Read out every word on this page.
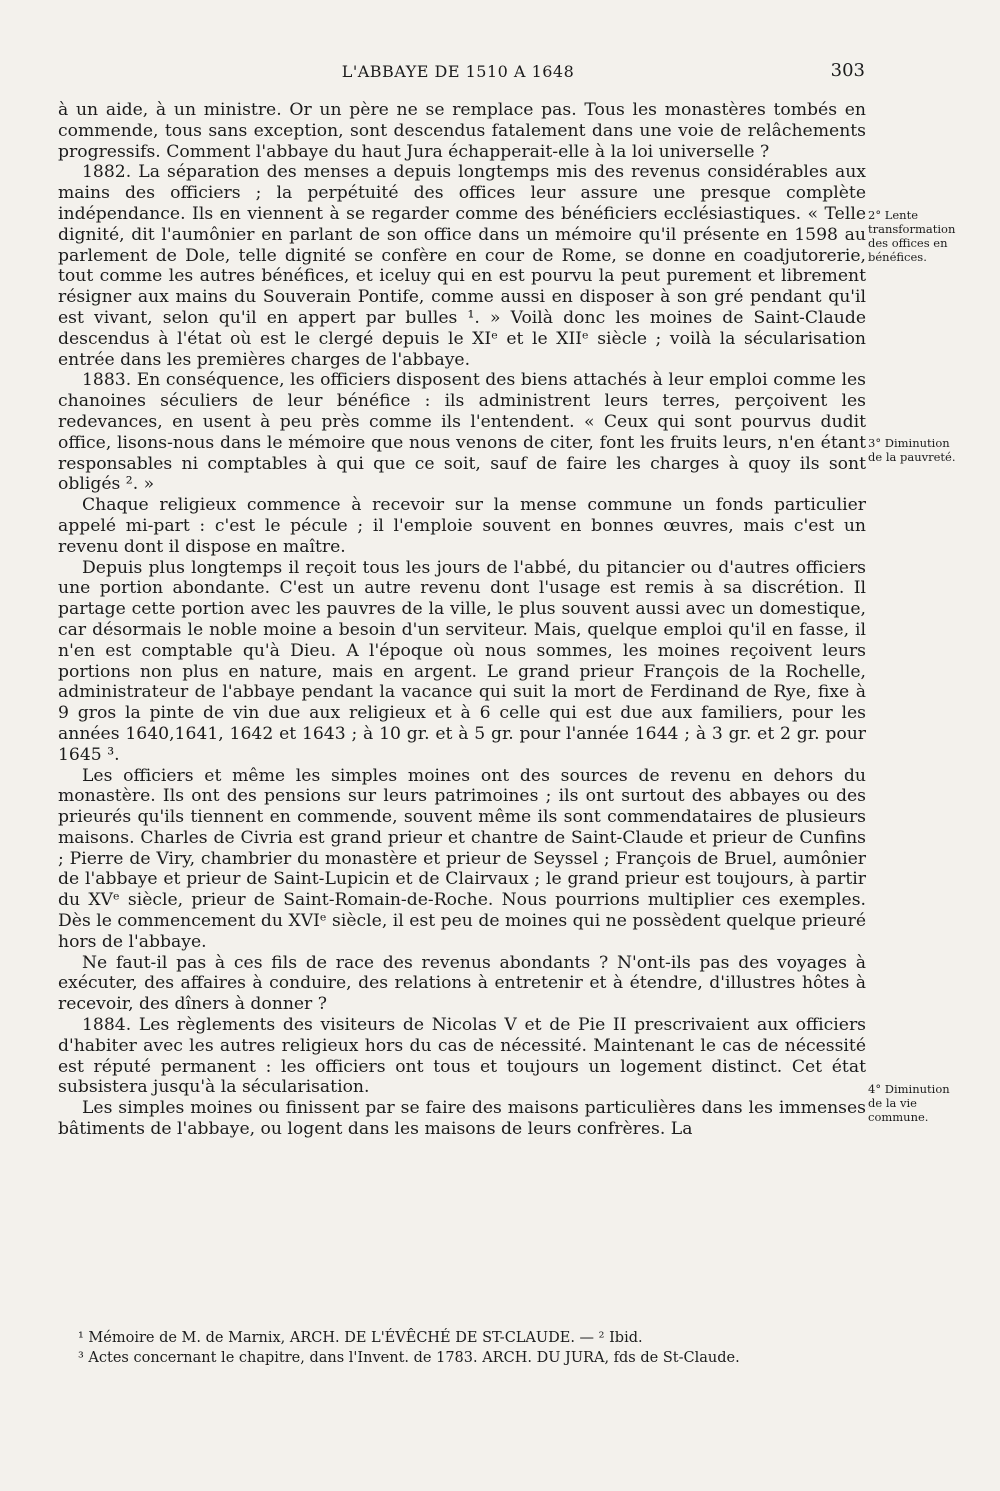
L'ABBAYE DE 1510 A 1648	303

à un aide, à un ministre. Or un père ne se remplace pas. Tous les monastères tombés en commende, tous sans exception, sont descendus fatalement dans une voie de relâchements progressifs. Comment l'abbaye du haut Jura échapperait-elle à la loi universelle ?

1882. La séparation des menses a depuis longtemps mis des revenus considérables aux mains des officiers ; la perpétuité des offices leur assure une presque complète indépendance. Ils en viennent à se regarder comme des bénéficiers ecclésiastiques. « Telle dignité, dit l'aumônier en parlant de son office dans un mémoire qu'il présente en 1598 au parlement de Dole, telle dignité se confère en cour de Rome, se donne en coadjutorerie, tout comme les autres bénéfices, et iceluy qui en est pourvu la peut purement et librement résigner aux mains du Souverain Pontife, comme aussi en disposer à son gré pendant qu'il est vivant, selon qu'il en appert par bulles ¹. » Voilà donc les moines de Saint-Claude descendus à l'état où est le clergé depuis le XIᵉ et le XIIᵉ siècle ; voilà la sécularisation entrée dans les premières charges de l'abbaye.

1883. En conséquence, les officiers disposent des biens attachés à leur emploi comme les chanoines séculiers de leur bénéfice : ils administrent leurs terres, perçoivent les redevances, en usent à peu près comme ils l'entendent. « Ceux qui sont pourvus dudit office, lisons-nous dans le mémoire que nous venons de citer, font les fruits leurs, n'en étant responsables ni comptables à qui que ce soit, sauf de faire les charges à quoy ils sont obligés ². »

Chaque religieux commence à recevoir sur la mense commune un fonds particulier appelé mi-part : c'est le pécule ; il l'emploie souvent en bonnes œuvres, mais c'est un revenu dont il dispose en maître.

Depuis plus longtemps il reçoit tous les jours de l'abbé, du pitancier ou d'autres officiers une portion abondante. C'est un autre revenu dont l'usage est remis à sa discrétion. Il partage cette portion avec les pauvres de la ville, le plus souvent aussi avec un domestique, car désormais le noble moine a besoin d'un serviteur. Mais, quelque emploi qu'il en fasse, il n'en est comptable qu'à Dieu. A l'époque où nous sommes, les moines reçoivent leurs portions non plus en nature, mais en argent. Le grand prieur François de la Rochelle, administrateur de l'abbaye pendant la vacance qui suit la mort de Ferdinand de Rye, fixe à 9 gros la pinte de vin due aux religieux et à 6 celle qui est due aux familiers, pour les années 1640,1641, 1642 et 1643 ; à 10 gr. et à 5 gr. pour l'année 1644 ; à 3 gr. et 2 gr. pour 1645 ³.

Les officiers et même les simples moines ont des sources de revenu en dehors du monastère. Ils ont des pensions sur leurs patrimoines ; ils ont surtout des abbayes ou des prieurés qu'ils tiennent en commende, souvent même ils sont commendataires de plusieurs maisons. Charles de Civria est grand prieur et chantre de Saint-Claude et prieur de Cunfins ; Pierre de Viry, chambrier du monastère et prieur de Seyssel ; François de Bruel, aumônier de l'abbaye et prieur de Saint-Lupicin et de Clairvaux ; le grand prieur est toujours, à partir du XVᵉ siècle, prieur de Saint-Romain-de-Roche. Nous pourrions multiplier ces exemples. Dès le commencement du XVIᵉ siècle, il est peu de moines qui ne possèdent quelque prieuré hors de l'abbaye.

Ne faut-il pas à ces fils de race des revenus abondants ? N'ont-ils pas des voyages à exécuter, des affaires à conduire, des relations à entretenir et à étendre, d'illustres hôtes à recevoir, des dîners à donner ?

1884. Les règlements des visiteurs de Nicolas V et de Pie II prescrivaient aux officiers d'habiter avec les autres religieux hors du cas de nécessité. Maintenant le cas de nécessité est réputé permanent : les officiers ont tous et toujours un logement distinct. Cet état subsistera jusqu'à la sécularisation.

Les simples moines ou finissent par se faire des maisons particulières dans les immenses bâtiments de l'abbaye, ou logent dans les maisons de leurs confrères. La

2° Lente transformation des offices en bénéfices.
3° Diminution de la pauvreté.
4° Diminution de la vie commune.

¹ Mémoire de M. de Marnix, ARCH. DE L'ÉVÊCHÉ DE ST-CLAUDE. — ² Ibid.

³ Actes concernant le chapitre, dans l'Invent. de 1783. ARCH. DU JURA, fds de St-Claude.
